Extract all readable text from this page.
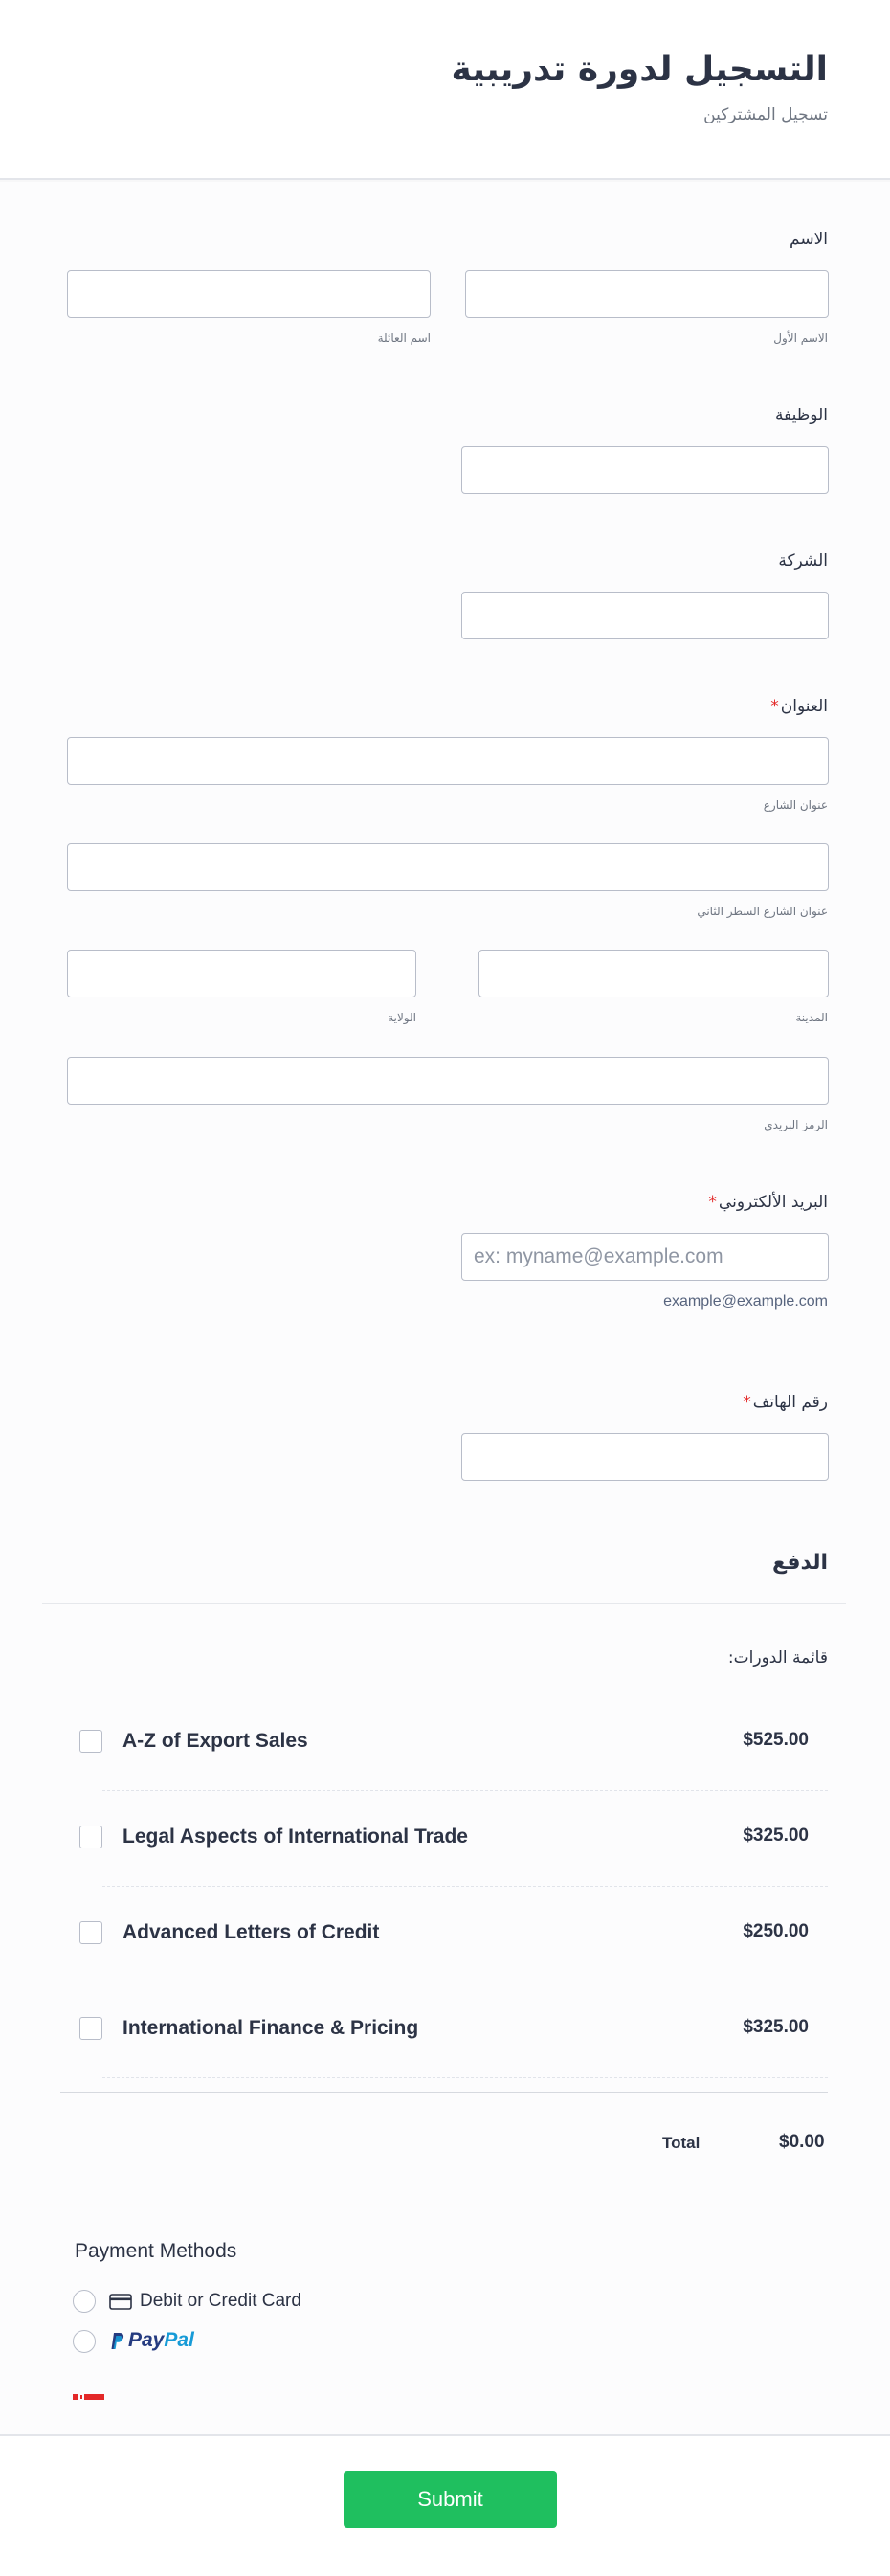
التسجيل لدورة تدريبية
تسجيل المشتركين
الاسم
الاسم الأول
اسم العائلة
الوظيفة
الشركة
العنوان*
عنوان الشارع
عنوان الشارع السطر الثاني
المدينة
الولاية
الرمز البريدي
البريد الألكتروني*
ex: myname@example.com
example@example.com
رقم الهاتف*
الدفع
قائمة الدورات:
A-Z of Export Sales	$525.00
Legal Aspects of International Trade	$325.00
Advanced Letters of Credit	$250.00
International Finance & Pricing	$325.00
Total	$0.00
Payment Methods
Debit or Credit Card
PayPal
Submit
